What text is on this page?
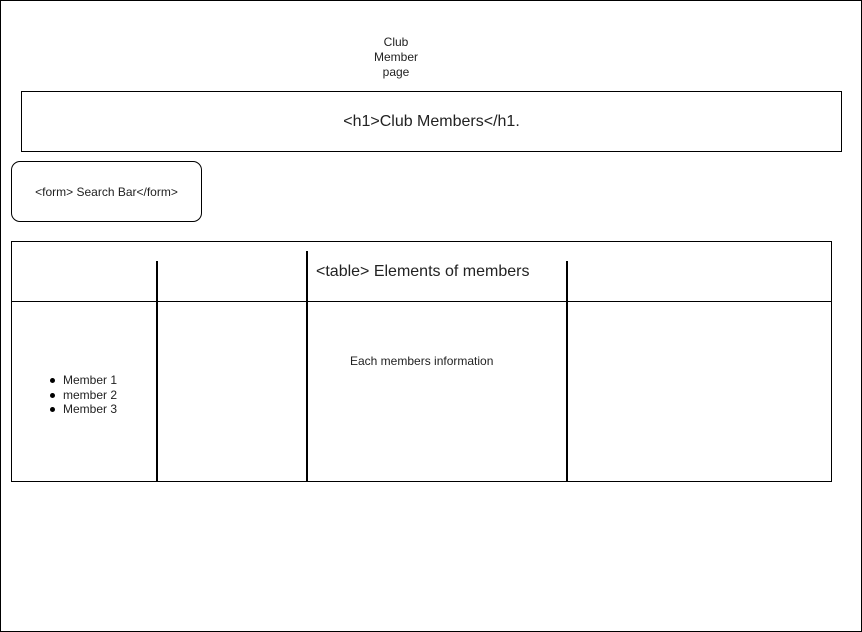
Club
Member
page
<h1>Club Members</h1.
<form> Search Bar</form>
<table> Elements of members
Member 1
member 2
Member 3
Each members information
